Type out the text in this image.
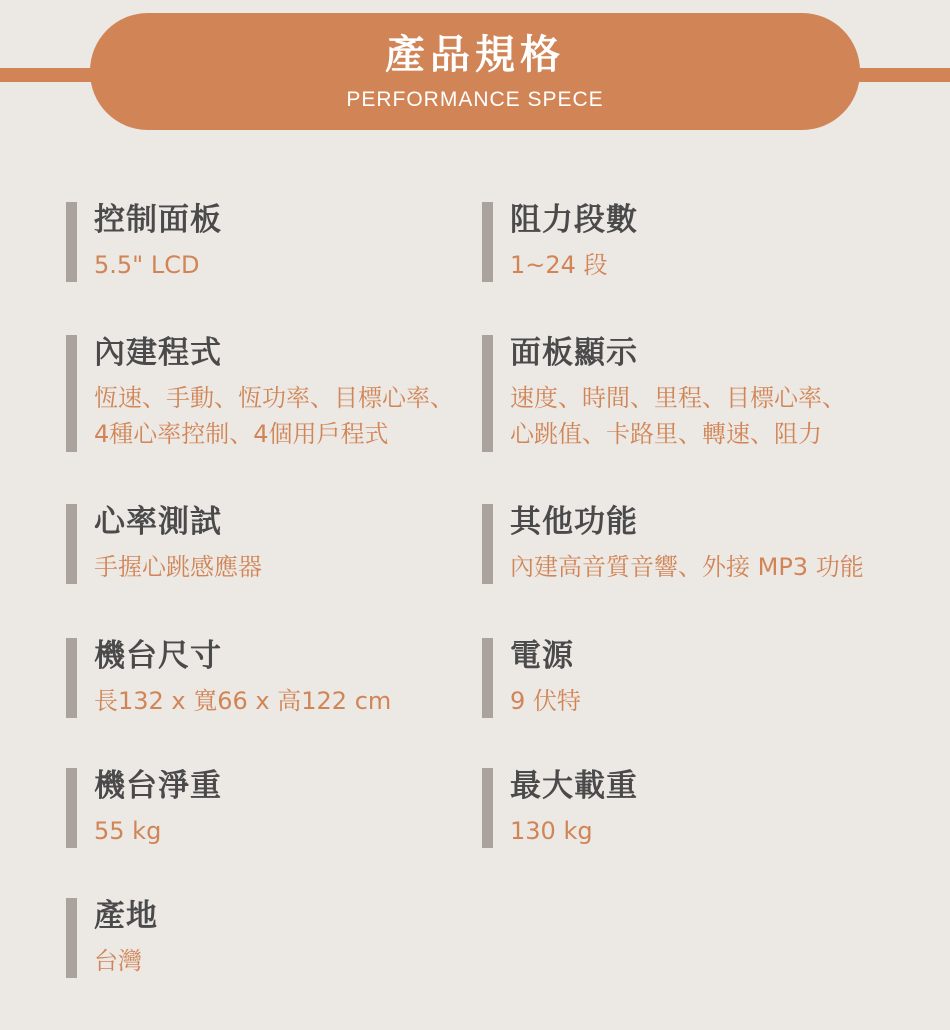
產品規格
PERFORMANCE SPECE
控制面板
5.5" LCD
阻力段數
1~24 段
內建程式
恆速、手動、恆功率、目標心率、
4種心率控制、4個用戶程式
面板顯示
速度、時間、里程、目標心率、
心跳值、卡路里、轉速、阻力
心率測試
手握心跳感應器
其他功能
內建高音質音響、外接 MP3 功能
機台尺寸
長132 x 寬66 x 高122 cm
電源
9 伏特
機台淨重
55 kg
最大載重
130 kg
產地
台灣
